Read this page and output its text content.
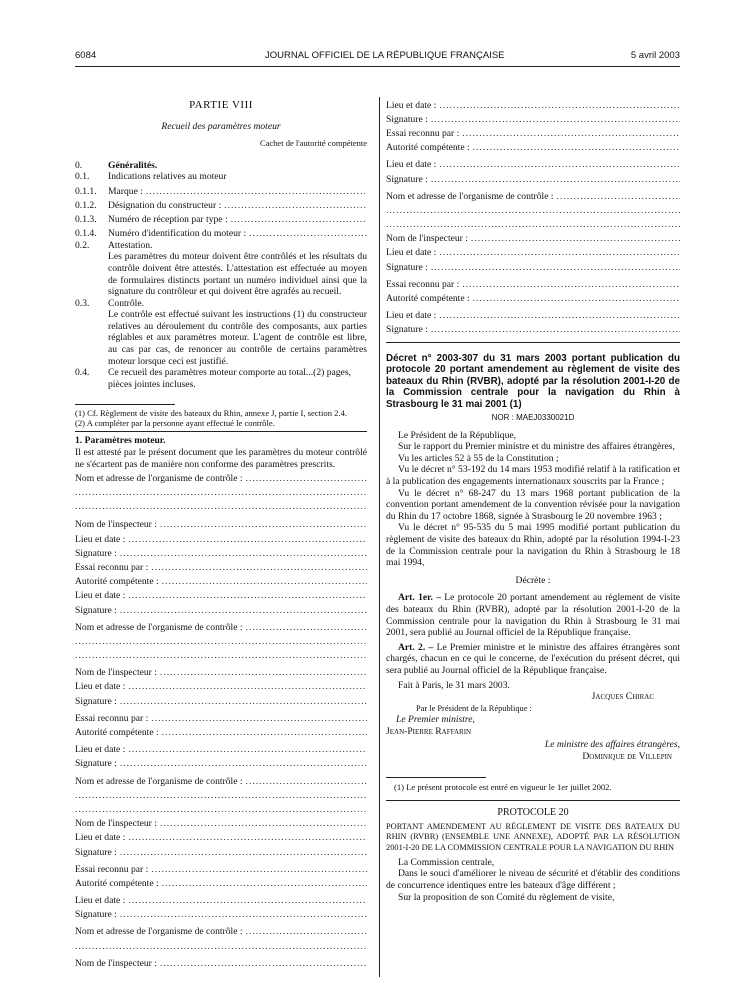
6084	JOURNAL OFFICIEL DE LA RÉPUBLIQUE FRANÇAISE	5 avril 2003
PARTIE VIII
Recueil des paramètres moteur
Cachet de l'autorité compétente
0.	Généralités.
0.1.	Indications relatives au moteur
0.1.1.	Marque :
.....
0.1.2.	Désignation du constructeur :
.....
0.1.3.	Numéro de réception par type :
.....
0.1.4.	Numéro d'identification du moteur :
.....
0.2.	Attestation.
Les paramètres du moteur doivent être contrôlés et les résultats du contrôle doivent être attestés. L'attestation est effectuée au moyen de formulaires distincts portant un numéro individuel ainsi que la signature du contrôleur et qui doivent être agrafés au recueil.
0.3.	Contrôle.
Le contrôle est effectué suivant les instructions (1) du constructeur relatives au déroulement du contrôle des composants, aux parties réglables et aux paramètres moteur. L'agent de contrôle est libre, au cas par cas, de renoncer au contrôle de certains paramètres moteur lorsque ceci est justifié.
0.4.	Ce recueil des paramètres moteur comporte au total...(2) pages, pièces jointes incluses.
(1) Cf. Règlement de visite des bateaux du Rhin, annexe J, partie I, section 2.4.
(2) A compléter par la personne ayant effectué le contrôle.
1. Paramètres moteur.
Il est attesté par le présent document que les paramètres du moteur contrôlé ne s'écartent pas de manière non conforme des paramètres prescrits.
Nom et adresse de l'organisme de contrôle :
.....
.....
.....
Nom de l'inspecteur :
.....
Lieu et date :
.....
Signature :
.....
Essai reconnu par :
.....
Autorité compétente :
.....
Lieu et date :
.....
Signature :
.....
Nom et adresse de l'organisme de contrôle :
.....
.....
.....
Nom de l'inspecteur :
.....
Lieu et date :
.....
Signature :
.....
Essai reconnu par :
.....
Autorité compétente :
.....
Lieu et date :
.....
Signature :
.....
Nom et adresse de l'organisme de contrôle :
.....
.....
.....
Nom de l'inspecteur :
.....
Lieu et date :
.....
Signature :
.....
Essai reconnu par :
.....
Autorité compétente :
.....
Lieu et date :
.....
Signature :
.....
Nom et adresse de l'organisme de contrôle :
.....
.....
Nom de l'inspecteur :
.....
Lieu et date :
.....
Signature :
.....
Essai reconnu par :
.....
Autorité compétente :
.....
Lieu et date :
.....
Signature :
.....
Nom et adresse de l'organisme de contrôle :
.....
.....
.....
Nom de l'inspecteur :
.....
Lieu et date :
.....
Signature :
.....
Essai reconnu par :
.....
Autorité compétente :
.....
Lieu et date :
.....
Signature :
.....
Décret n° 2003-307 du 31 mars 2003 portant publication du protocole 20 portant amendement au règlement de visite des bateaux du Rhin (RVBR), adopté par la résolution 2001-I-20 de la Commission centrale pour la navigation du Rhin à Strasbourg le 31 mai 2001 (1)
NOR : MAEJ0330021D
Le Président de la République,
Sur le rapport du Premier ministre et du ministre des affaires étrangères,
Vu les articles 52 à 55 de la Constitution ;
Vu le décret n° 53-192 du 14 mars 1953 modifié relatif à la ratification et à la publication des engagements internationaux souscrits par la France ;
Vu le décret n° 68-247 du 13 mars 1968 portant publication de la convention portant amendement de la convention révisée pour la navigation du Rhin du 17 octobre 1868, signée à Strasbourg le 20 novembre 1963 ;
Vu le décret n° 95-535 du 5 mai 1995 modifié portant publication du règlement de visite des bateaux du Rhin, adopté par la résolution 1994-I-23 de la Commission centrale pour la navigation du Rhin à Strasbourg le 18 mai 1994,
Décrète :
Art. 1er. – Le protocole 20 portant amendement au règlement de visite des bateaux du Rhin (RVBR), adopté par la résolution 2001-I-20 de la Commission centrale pour la navigation du Rhin à Strasbourg le 31 mai 2001, sera publié au Journal officiel de la République française.
Art. 2. – Le Premier ministre et le ministre des affaires étrangères sont chargés, chacun en ce qui le concerne, de l'exécution du présent décret, qui sera publié au Journal officiel de la République française.
Fait à Paris, le 31 mars 2003.
Jacques Chirac
Par le Président de la République :
Le Premier ministre,
Jean-Pierre Raffarin
Le ministre des affaires étrangères,
Dominique de Villepin
(1) Le présent protocole est entré en vigueur le 1er juillet 2002.
PROTOCOLE 20
PORTANT AMENDEMENT AU RÈGLEMENT DE VISITE DES BATEAUX DU RHIN (RVBR) (ENSEMBLE UNE ANNEXE), ADOPTÉ PAR LA RÉSOLUTION 2001-I-20 DE LA COMMISSION CENTRALE POUR LA NAVIGATION DU RHIN
La Commission centrale,
Dans le souci d'améliorer le niveau de sécurité et d'établir des conditions de concurrence identiques entre les bateaux d'âge différent ;
Sur la proposition de son Comité du règlement de visite,
